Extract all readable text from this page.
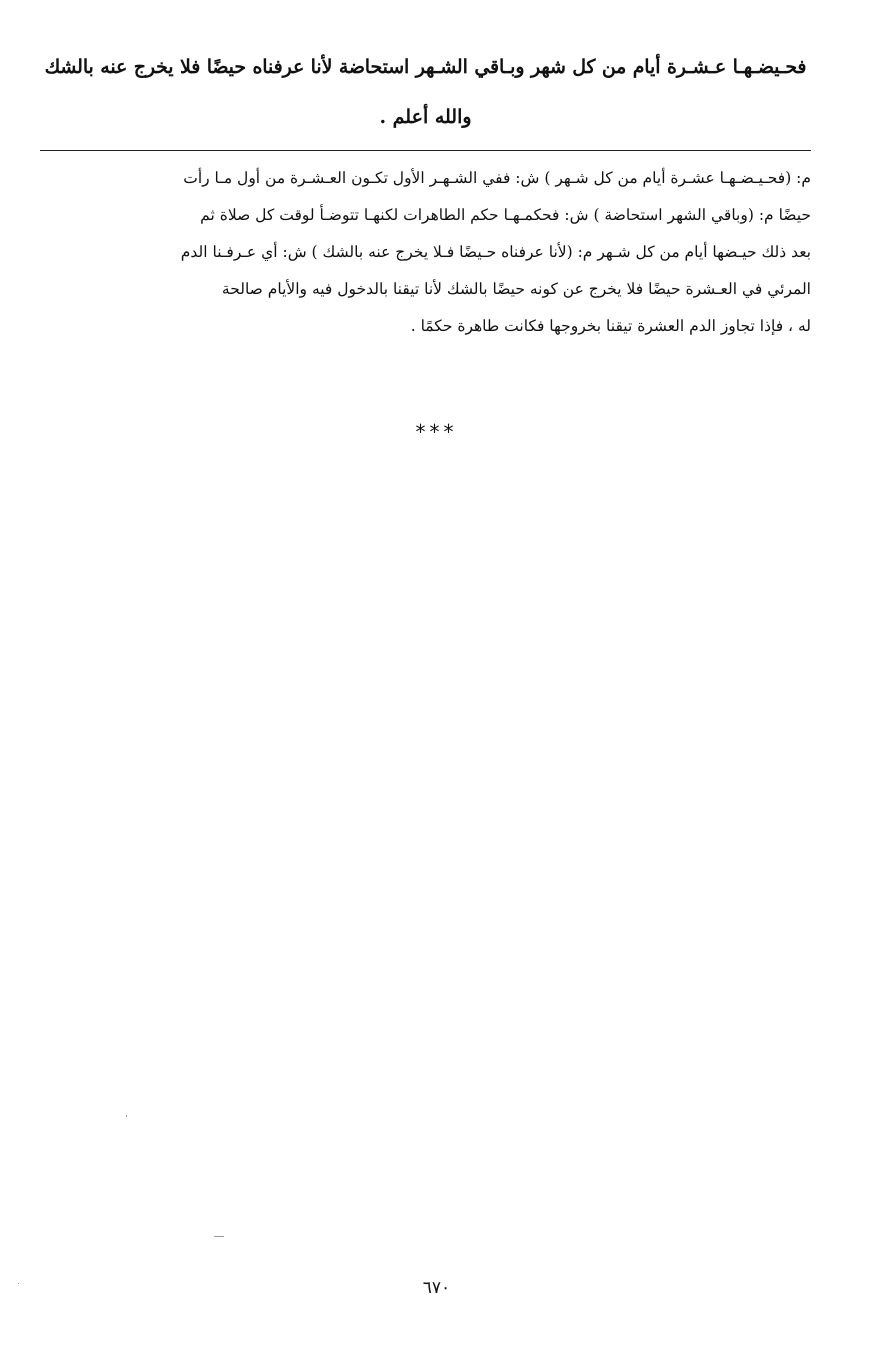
فحـيضـهـا عـشـرة أيام من كل شهر وبـاقي الشـهر استحاضة لأنا عرفناه حيضًا فلا يخرج عنه بالشك
والله أعلم .
م: (فحـيـضـهـا عشـرة أيام من كل شـهر ) ش: ففي الشـهـر الأول تكـون العـشـرة من أول مـا رأت
حيضًا م: (وباقي الشهر استحاضة ) ش: فحكمـهـا حكم الطاهرات لكنهـا تتوضـأ لوقت كل صلاة ثم
بعد ذلك حيـضها أيام من كل شـهر م: (لأنا عرفناه حـيضًا فـلا يخرج عنه بالشك ) ش: أي عـرفـنا الدم
المرئي في العـشرة حيضًا فلا يخرج عن كونه حيضًا بالشك لأنا تيقنا بالدخول فيه والأيام صالحة
له ، فإذا تجاوز الدم العشرة تيقنا بخروجها فكانت طاهرة حكمًا .
***
٦٧٠
